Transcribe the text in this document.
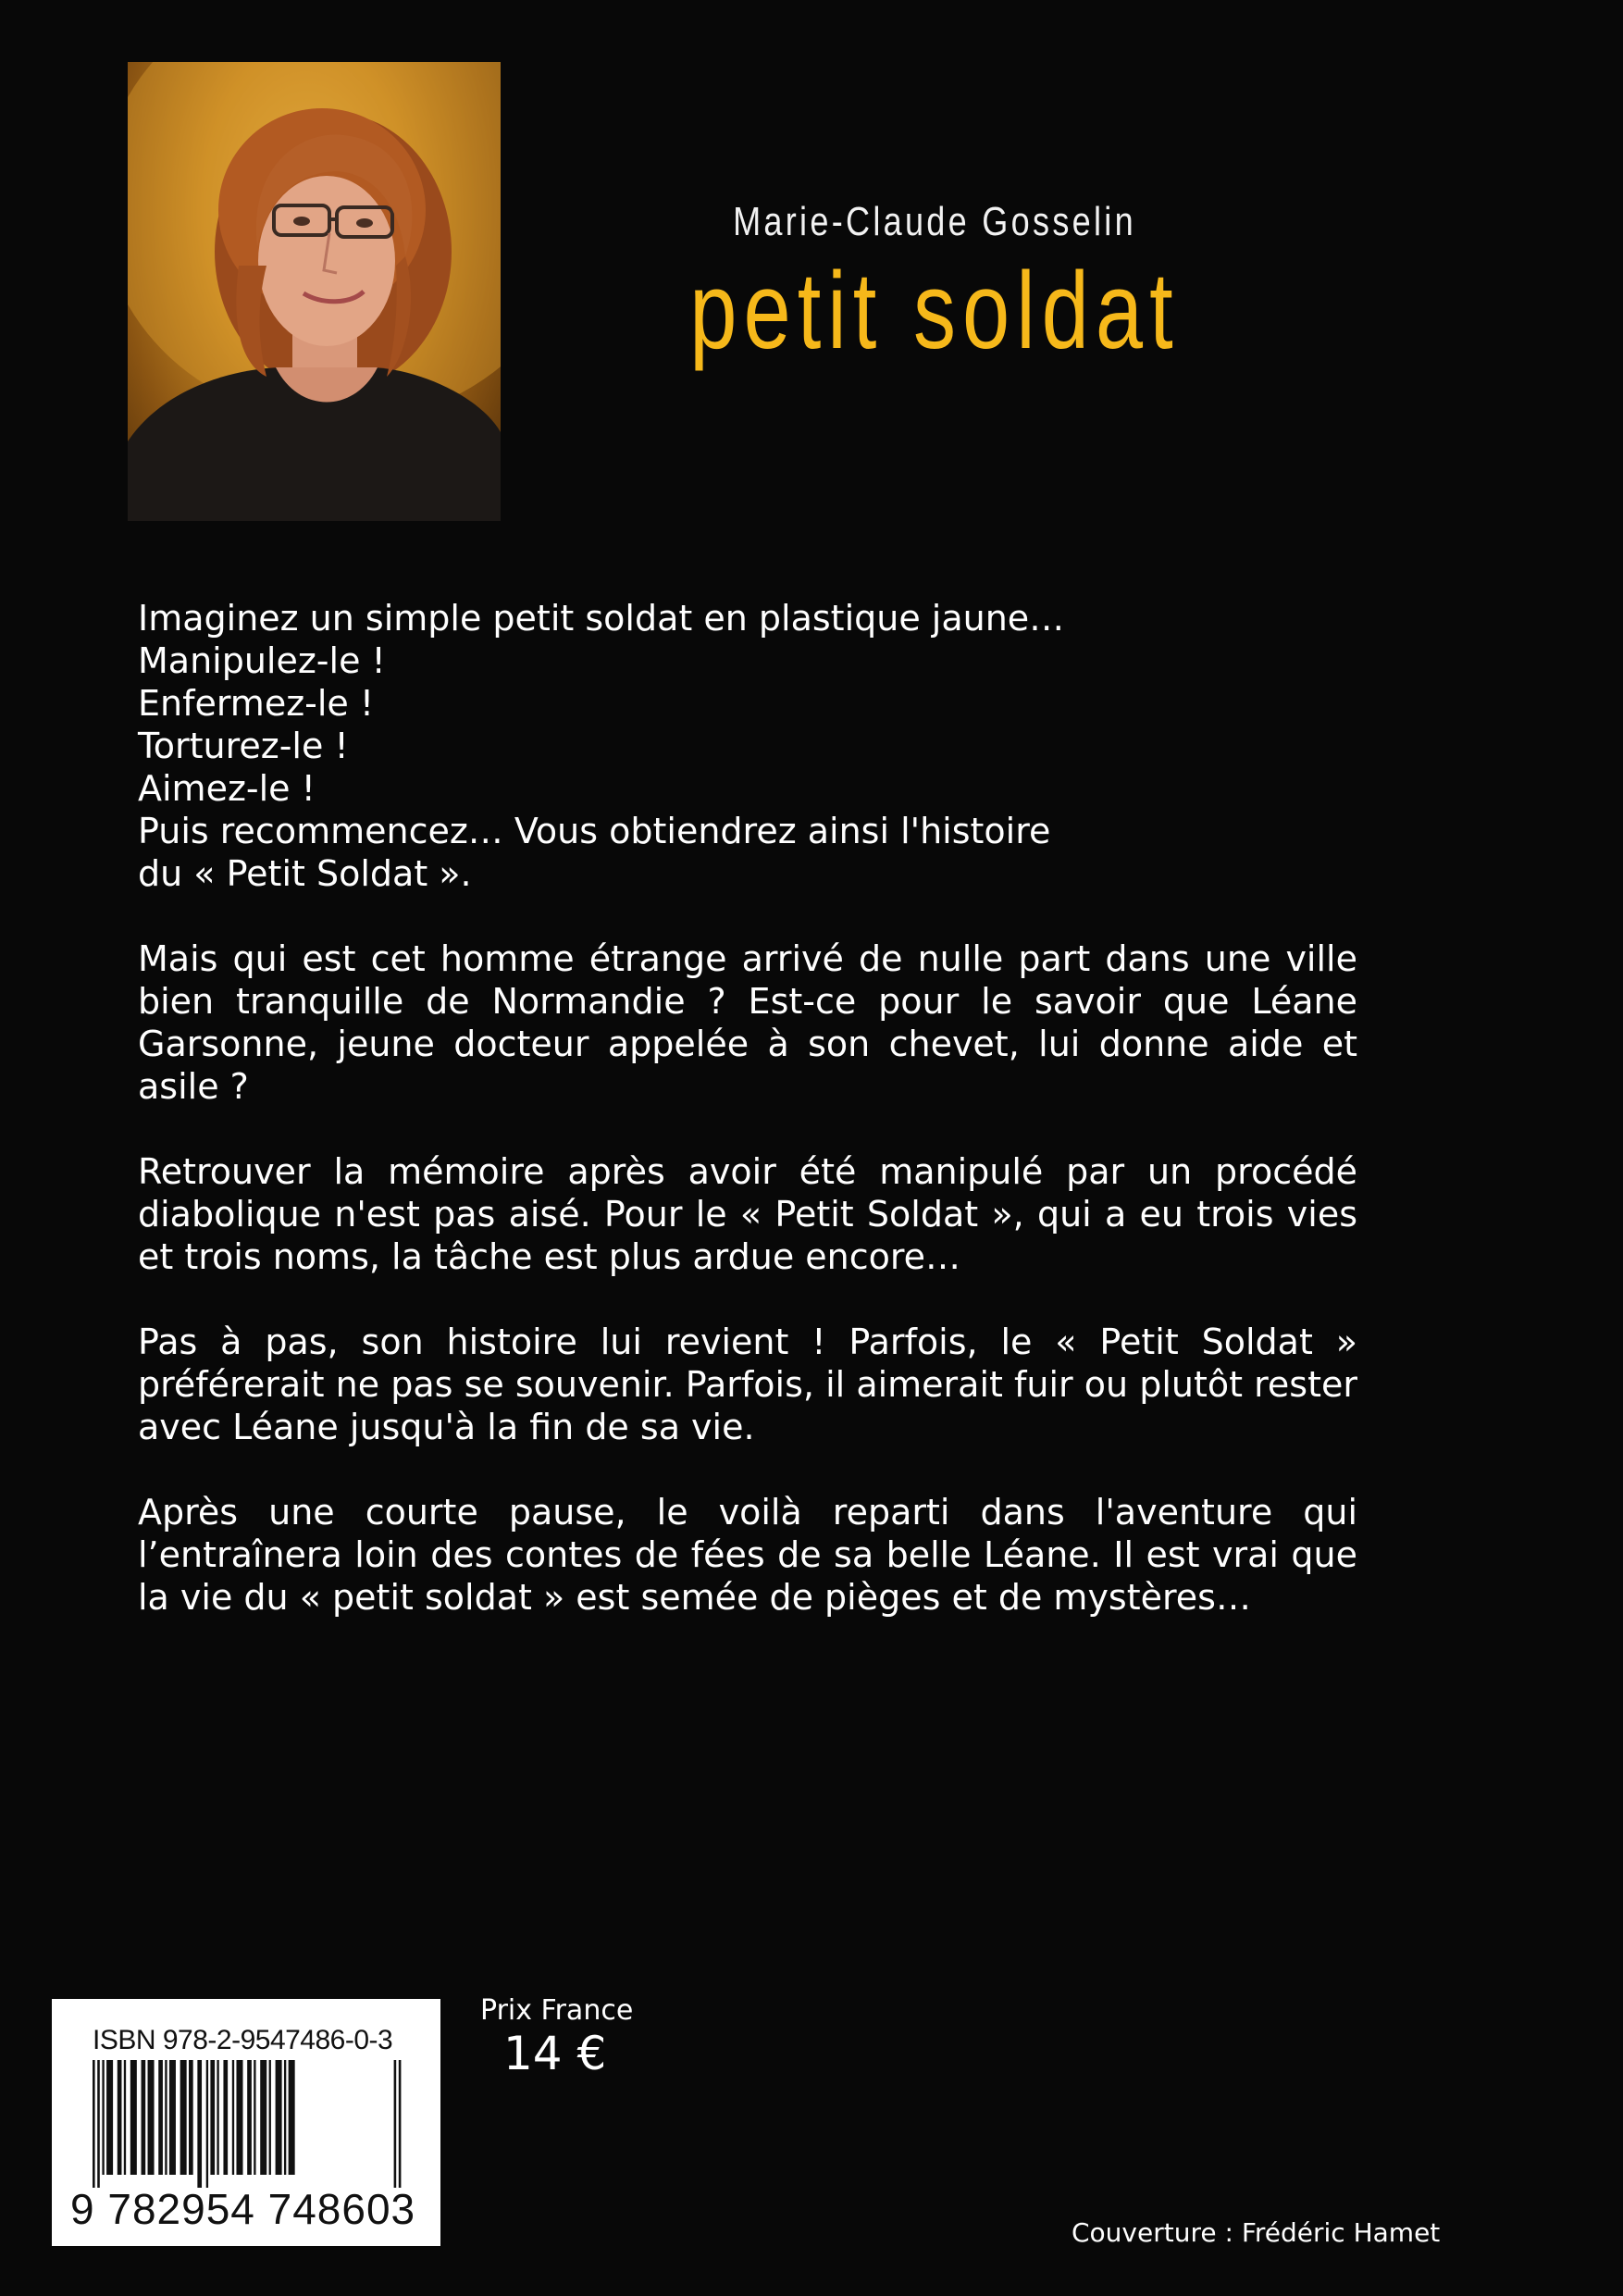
Marie-Claude Gosselin
petit soldat

Imaginez un simple petit soldat en plastique jaune…

Manipulez-le !

Enfermez-le !

Torturez-le !

Aimez-le !

Puis recommencez… Vous obtiendrez ainsi l'histoire

du « Petit Soldat ».

Mais qui est cet homme étrange arrivé de nulle part dans une ville bien tranquille de Normandie ? Est-ce pour le savoir que Léane Garsonne, jeune docteur appelée à son chevet, lui donne aide et asile ?

Retrouver la mémoire après avoir été manipulé par un procédé diabolique n'est pas aisé. Pour le « Petit Soldat », qui a eu trois vies et trois noms, la tâche est plus ardue encore…

Pas à pas, son histoire lui revient ! Parfois, le « Petit Soldat » préférerait ne pas se souvenir. Parfois, il aimerait fuir ou plutôt rester avec Léane jusqu'à la fin de sa vie.

Après une courte pause, le voilà reparti dans l'aventure qui l’entraînera loin des contes de fées de sa belle Léane. Il est vrai que la vie du « petit soldat » est semée de pièges et de mystères…

ISBN 978-2-9547486-0-3
9 782954 748603
Prix France
14 €
Couverture : Frédéric Hamet
